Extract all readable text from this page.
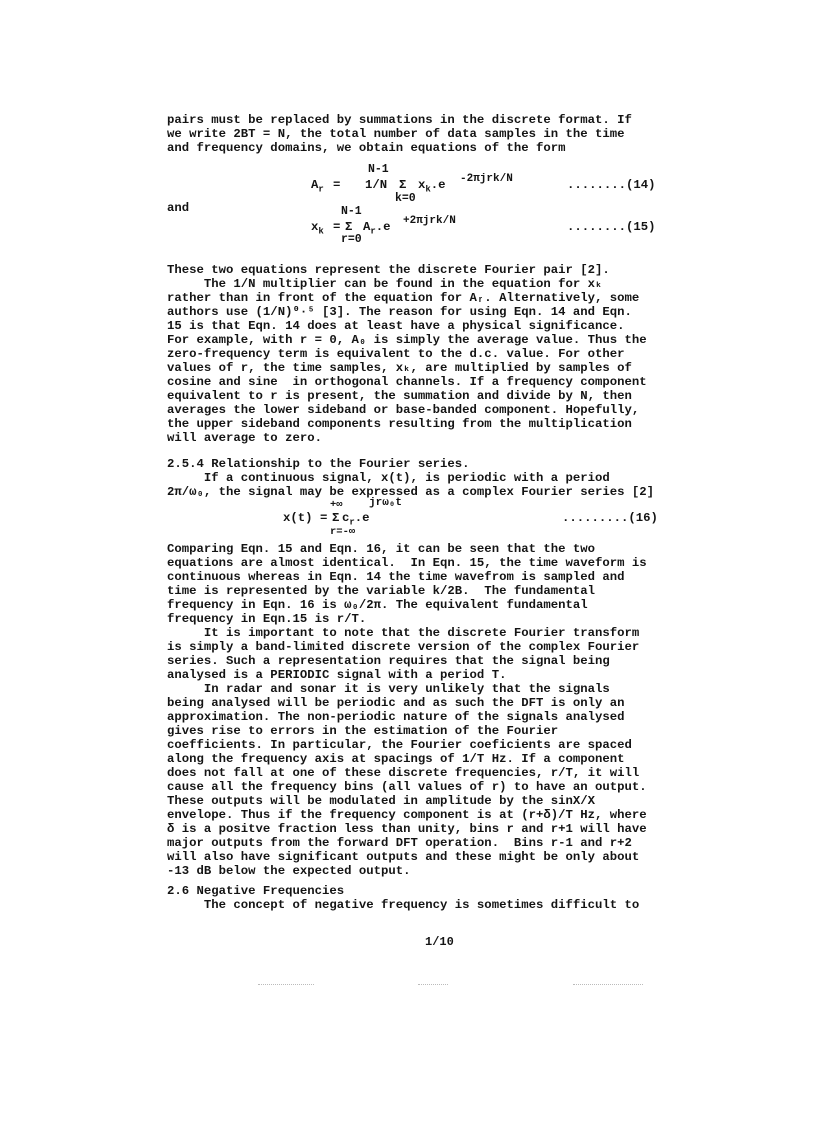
pairs must be replaced by summations in the discrete format. If
we write 2BT = N, the total number of data samples in the time
and frequency domains, we obtain equations of the form
N-1
$A_r = 1/N$ Σ $x_k.e$ -2πjrk/N
k=0
........(14)
and	N-1
$x_k = \Sigma$ $A_r.e +2\pi jrk/N$
r=0
........(15)
These two equations represent the discrete Fourier pair [2].
The 1/N multiplier can be found in the equation for xₖ
rather than in front of the equation for Aᵣ. Alternatively, some
authors use (1/N)⁰·⁵ [3]. The reason for using Eqn. 14 and Eqn.
15 is that Eqn. 14 does at least have a physical significance.
For example, with r = 0, A₀ is simply the average value. Thus the
zero-frequency term is equivalent to the d.c. value. For other
values of r, the time samples, xₖ, are multiplied by samples of
cosine and sine  in orthogonal channels. If a frequency component
equivalent to r is present, the summation and divide by N, then
averages the lower sideband or base-banded component. Hopefully,
the upper sideband components resulting from the multiplication
will average to zero.
2.5.4 Relationship to the Fourier series.
If a continuous signal, x(t), is periodic with a period
2π/ω₀, the signal may be expressed as a complex Fourier series [2]
+∞ jrω₀t
x(t) = Σ $c_r.e$
r=-∞
.........(16)
Comparing Eqn. 15 and Eqn. 16, it can be seen that the two
equations are almost identical.  In Eqn. 15, the time waveform is
continuous whereas in Eqn. 14 the time wavefrom is sampled and
time is represented by the variable k/2B.  The fundamental
frequency in Eqn. 16 is ω₀/2π. The equivalent fundamental
frequency in Eqn.15 is r/T.
It is important to note that the discrete Fourier transform
is simply a band-limited discrete version of the complex Fourier
series. Such a representation requires that the signal being
analysed is a PERIODIC signal with a period T.
In radar and sonar it is very unlikely that the signals
being analysed will be periodic and as such the DFT is only an
approximation. The non-periodic nature of the signals analysed
gives rise to errors in the estimation of the Fourier
coefficients. In particular, the Fourier coeficients are spaced
along the frequency axis at spacings of 1/T Hz. If a component
does not fall at one of these discrete frequencies, r/T, it will
cause all the frequency bins (all values of r) to have an output.
These outputs will be modulated in amplitude by the sinX/X
envelope. Thus if the frequency component is at (r+δ)/T Hz, where
δ is a positve fraction less than unity, bins r and r+1 will have
major outputs from the forward DFT operation.  Bins r-1 and r+2
will also have significant outputs and these might be only about
-13 dB below the expected output.
2.6 Negative Frequencies
The concept of negative frequency is sometimes difficult to
1/10
